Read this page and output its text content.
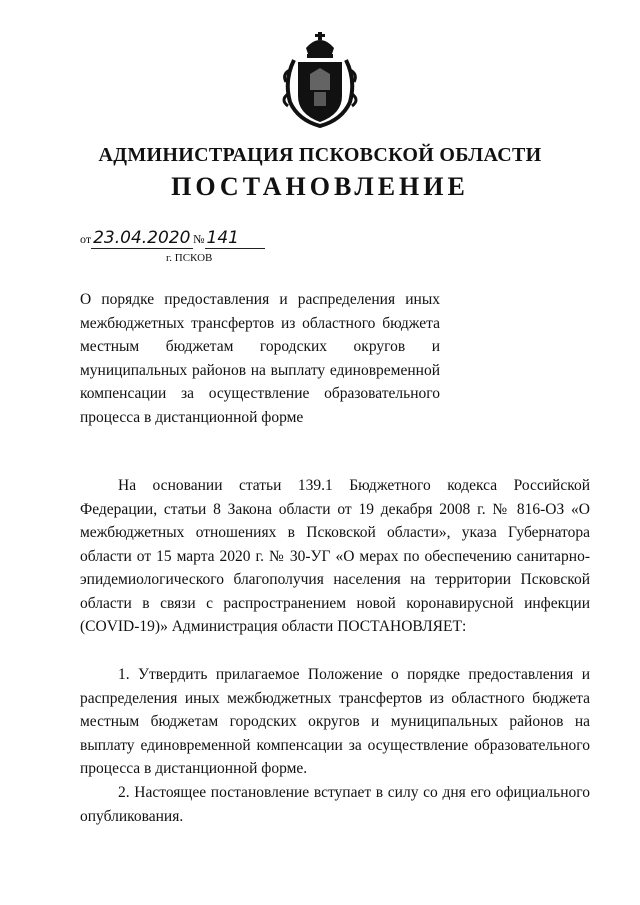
АДМИНИСТРАЦИЯ ПСКОВСКОЙ ОБЛАСТИ
ПОСТАНОВЛЕНИЕ
от 23.04.2020 № 141
г. ПСКОВ
О порядке предоставления и распределения иных межбюджетных трансфертов из областного бюджета местным бюджетам городских округов и муниципальных районов на выплату единовременной компенсации за осуществление образовательного процесса в дистанционной форме

На основании статьи 139.1 Бюджетного кодекса Российской Федерации, статьи 8 Закона области от 19 декабря 2008 г. № 816-ОЗ «О межбюджетных отношениях в Псковской области», указа Губернатора области от 15 марта 2020 г. № 30-УГ «О мерах по обеспечению санитарно-эпидемиологического благополучия населения на территории Псковской области в связи с распространением новой коронавирусной инфекции (COVID-19)» Администрация области ПОСТАНОВЛЯЕТ:

1. Утвердить прилагаемое Положение о порядке предоставления и распределения иных межбюджетных трансфертов из областного бюджета местным бюджетам городских округов и муниципальных районов на выплату единовременной компенсации за осуществление образовательного процесса в дистанционной форме.

2. Настоящее постановление вступает в силу со дня его официального опубликования.
